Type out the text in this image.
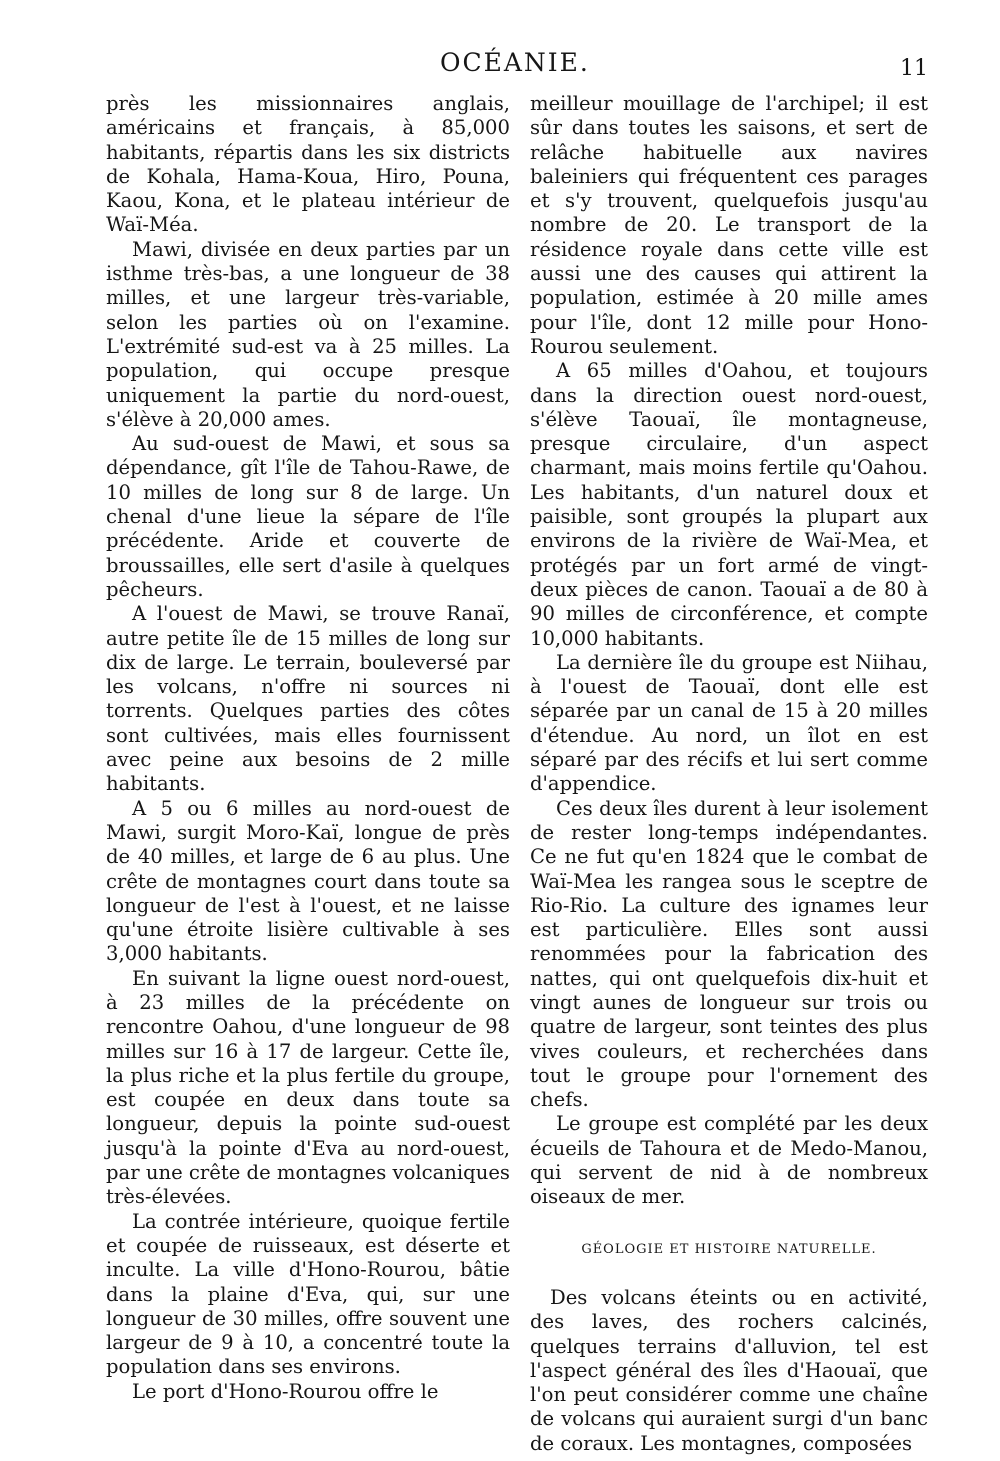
OCÉANIE.	11

près les missionnaires anglais, américains et français, à 85,000 habitants, répartis dans les six districts de Kohala, Hama-Koua, Hiro, Pouna, Kaou, Kona, et le plateau intérieur de Waï-Méa.

Mawi, divisée en deux parties par un isthme très-bas, a une longueur de 38 milles, et une largeur très-variable, selon les parties où on l'examine. L'extrémité sud-est va à 25 milles. La population, qui occupe presque uniquement la partie du nord-ouest, s'élève à 20,000 ames.

Au sud-ouest de Mawi, et sous sa dépendance, gît l'île de Tahou-Rawe, de 10 milles de long sur 8 de large. Un chenal d'une lieue la sépare de l'île précédente. Aride et couverte de broussailles, elle sert d'asile à quelques pêcheurs.

A l'ouest de Mawi, se trouve Ranaï, autre petite île de 15 milles de long sur dix de large. Le terrain, bouleversé par les volcans, n'offre ni sources ni torrents. Quelques parties des côtes sont cultivées, mais elles fournissent avec peine aux besoins de 2 mille habitants.

A 5 ou 6 milles au nord-ouest de Mawi, surgit Moro-Kaï, longue de près de 40 milles, et large de 6 au plus. Une crête de montagnes court dans toute sa longueur de l'est à l'ouest, et ne laisse qu'une étroite lisière cultivable à ses 3,000 habitants.

En suivant la ligne ouest nord-ouest, à 23 milles de la précédente on rencontre Oahou, d'une longueur de 98 milles sur 16 à 17 de largeur. Cette île, la plus riche et la plus fertile du groupe, est coupée en deux dans toute sa longueur, depuis la pointe sud-ouest jusqu'à la pointe d'Eva au nord-ouest, par une crête de montagnes volcaniques très-élevées.

La contrée intérieure, quoique fertile et coupée de ruisseaux, est déserte et inculte. La ville d'Hono-Rourou, bâtie dans la plaine d'Eva, qui, sur une longueur de 30 milles, offre souvent une largeur de 9 à 10, a concentré toute la population dans ses environs.

Le port d'Hono-Rourou offre le

meilleur mouillage de l'archipel; il est sûr dans toutes les saisons, et sert de relâche habituelle aux navires baleiniers qui fréquentent ces parages et s'y trouvent, quelquefois jusqu'au nombre de 20. Le transport de la résidence royale dans cette ville est aussi une des causes qui attirent la population, estimée à 20 mille ames pour l'île, dont 12 mille pour Hono-Rourou seulement.

A 65 milles d'Oahou, et toujours dans la direction ouest nord-ouest, s'élève Taouaï, île montagneuse, presque circulaire, d'un aspect charmant, mais moins fertile qu'Oahou. Les habitants, d'un naturel doux et paisible, sont groupés la plupart aux environs de la rivière de Waï-Mea, et protégés par un fort armé de vingt-deux pièces de canon. Taouaï a de 80 à 90 milles de circonférence, et compte 10,000 habitants.

La dernière île du groupe est Niihau, à l'ouest de Taouaï, dont elle est séparée par un canal de 15 à 20 milles d'étendue. Au nord, un îlot en est séparé par des récifs et lui sert comme d'appendice.

Ces deux îles durent à leur isolement de rester long-temps indépendantes. Ce ne fut qu'en 1824 que le combat de Waï-Mea les rangea sous le sceptre de Rio-Rio. La culture des ignames leur est particulière. Elles sont aussi renommées pour la fabrication des nattes, qui ont quelquefois dix-huit et vingt aunes de longueur sur trois ou quatre de largeur, sont teintes des plus vives couleurs, et recherchées dans tout le groupe pour l'ornement des chefs.

Le groupe est complété par les deux écueils de Tahoura et de Medo-Manou, qui servent de nid à de nombreux oiseaux de mer.

GÉOLOGIE ET HISTOIRE NATURELLE.

Des volcans éteints ou en activité, des laves, des rochers calcinés, quelques terrains d'alluvion, tel est l'aspect général des îles d'Haouaï, que l'on peut considérer comme une chaîne de volcans qui auraient surgi d'un banc de coraux. Les montagnes, composées
